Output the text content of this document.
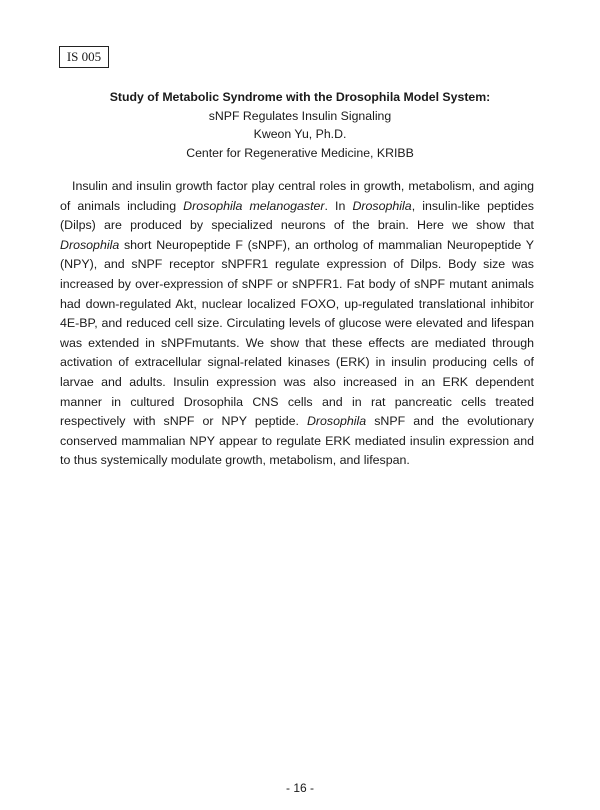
IS 005
Study of Metabolic Syndrome with the Drosophila Model System:
sNPF Regulates Insulin Signaling
Kweon Yu, Ph.D.
Center for Regenerative Medicine, KRIBB
Insulin and insulin growth factor play central roles in growth, metabolism, and aging of animals including Drosophila melanogaster. In Drosophila, insulin-like peptides (Dilps) are produced by specialized neurons of the brain. Here we show that Drosophila short Neuropeptide F (sNPF), an ortholog of mammalian Neuropeptide Y (NPY), and sNPF receptor sNPFR1 regulate expression of Dilps. Body size was increased by over-expression of sNPF or sNPFR1. Fat body of sNPF mutant animals had down-regulated Akt, nuclear localized FOXO, up-regulated translational inhibitor 4E-BP, and reduced cell size. Circulating levels of glucose were elevated and lifespan was extended in sNPFmutants. We show that these effects are mediated through activation of extracellular signal-related kinases (ERK) in insulin producing cells of larvae and adults. Insulin expression was also increased in an ERK dependent manner in cultured Drosophila CNS cells and in rat pancreatic cells treated respectively with sNPF or NPY peptide. Drosophila sNPF and the evolutionary conserved mammalian NPY appear to regulate ERK mediated insulin expression and to thus systemically modulate growth, metabolism, and lifespan.
- 16 -
